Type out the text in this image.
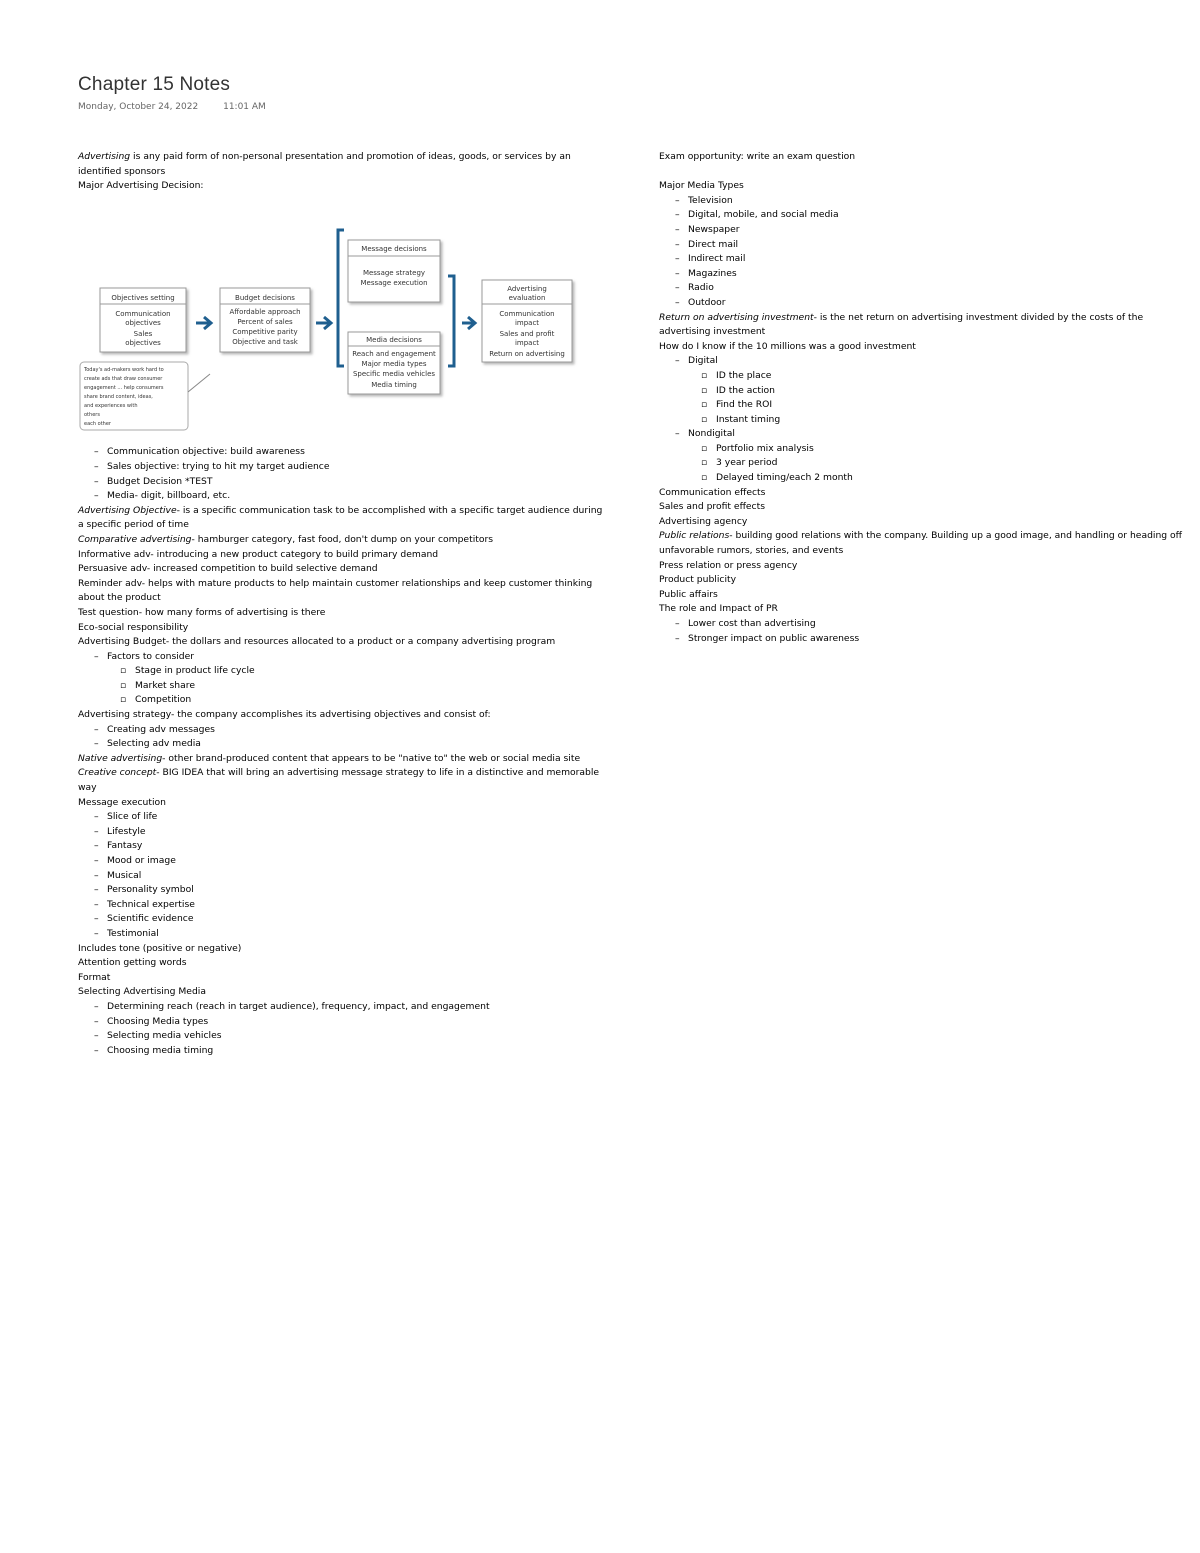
Chapter 15 Notes
Monday, October 24, 2022	11:01 AM

Advertising is any paid form of non-personal presentation and promotion of ideas, goods, or services by an identified sponsors

Major Advertising Decision:

Objectives setting
Communication
objectives
Sales
objectives
Budget decisions
Affordable approach
Percent of sales
Competitive parity
Objective and task
Message decisions
Message strategy
Message execution
Media decisions
Reach and engagement
Major media types
Specific media vehicles
Media timing
Advertising
evaluation
Communication
impact
Sales and profit
impact
Return on advertising
Today's ad-makers work hard to
create ads that draw consumer
engagement ... help consumers
share brand content, ideas,
and experiences with
others
each other
– Communication objective: build awareness
– Sales objective: trying to hit my target audience
– Budget Decision *TEST
– Media- digit, billboard, etc.

Advertising Objective- is a specific communication task to be accomplished with a specific target audience during a specific period of time

Comparative advertising- hamburger category, fast food, don't dump on your competitors

Informative adv- introducing a new product category to build primary demand

Persuasive adv- increased competition to build selective demand

Reminder adv- helps with mature products to help maintain customer relationships and keep customer thinking about the product

Test question- how many forms of advertising is there

Eco-social responsibility

Advertising Budget- the dollars and resources allocated to a product or a company advertising program

– Factors to consider
▫ Stage in product life cycle
▫ Market share
▫ Competition

Advertising strategy- the company accomplishes its advertising objectives and consist of:

– Creating adv messages
– Selecting adv media

Native advertising- other brand-produced content that appears to be "native to" the web or social media site

Creative concept- BIG IDEA that will bring an advertising message strategy to life in a distinctive and memorable way

Message execution

– Slice of life
– Lifestyle
– Fantasy
– Mood or image
– Musical
– Personality symbol
– Technical expertise
– Scientific evidence
– Testimonial

Includes tone (positive or negative)

Attention getting words

Format

Selecting Advertising Media

– Determining reach (reach in target audience), frequency, impact, and engagement
– Choosing Media types
– Selecting media vehicles
– Choosing media timing

Exam opportunity: write an exam question

Major Media Types

– Television
– Digital, mobile, and social media
– Newspaper
– Direct mail
– Indirect mail
– Magazines
– Radio
– Outdoor

Return on advertising investment- is the net return on advertising investment divided by the costs of the advertising investment

How do I know if the 10 millions was a good investment

– Digital
▫ ID the place
▫ ID the action
▫ Find the ROI
▫ Instant timing
– Nondigital
▫ Portfolio mix analysis
▫ 3 year period
▫ Delayed timing/each 2 month

Communication effects

Sales and profit effects

Advertising agency

Public relations- building good relations with the company. Building up a good image, and handling or heading off unfavorable rumors, stories, and events

Press relation or press agency

Product publicity

Public affairs

The role and Impact of PR

– Lower cost than advertising
– Stronger impact on public awareness
